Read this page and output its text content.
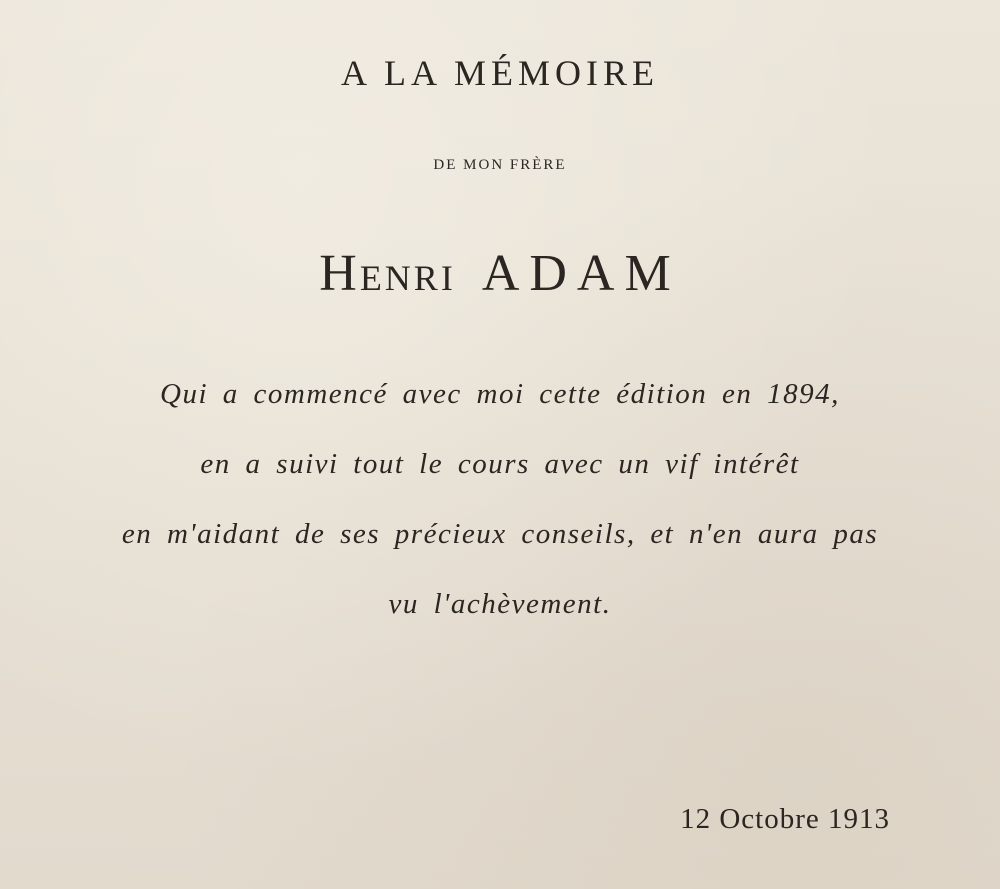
A LA MÉMOIRE
DE MON FRÈRE
Henri ADAM
Qui a commencé avec moi cette édition en 1894,
en a suivi tout le cours avec un vif intérêt
en m'aidant de ses précieux conseils, et n'en aura pas
vu l'achèvement.
12 Octobre 1913
